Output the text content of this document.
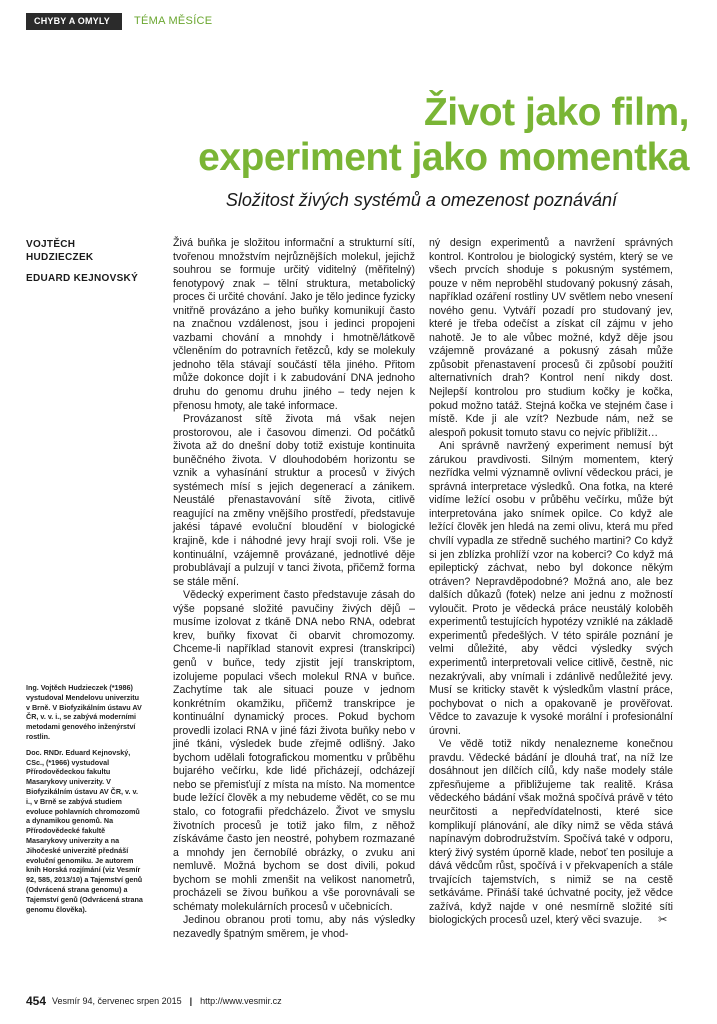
CHYBY A OMYLY	TÉMA MĚSÍCE
Život jako film,
experiment jako momentka
Složitost živých systémů a omezenost poznávání
VOJTĚCH HUDZIECZEK
EDUARD KEJNOVSKÝ

Ing. Vojtěch Hudzieczek (*1986) vystudoval Mendelovu univerzitu v Brně. V Biofyzikálním ústavu AV ČR, v. v. i., se zabývá moderními metodami genového inženýrství rostlin.

Doc. RNDr. Eduard Kejnovský, CSc., (*1966) vystudoval Přírodovědeckou fakultu Masarykovy univerzity. V Biofyzikálním ústavu AV ČR, v. v. i., v Brně se zabývá studiem evoluce pohlavních chromozomů a dynamikou genomů. Na Přírodovědecké fakultě Masarykovy univerzity a na Jihočeské univerzitě přednáší evoluční genomiku. Je autorem knih Horská rozjímání (viz Vesmír 92, 585, 2013/10) a Tajemství genů (Odvrácená strana genomu) a Tajemství genů (Odvrácená strana genomu člověka).

Živá buňka je složitou informační a strukturní sítí, tvořenou množstvím nejrůznějších molekul, jejichž souhrou se formuje určitý viditelný (měřitelný) fenotypový znak – tělní struktura, metabolický proces či určité chování. Jako je tělo jedince fyzicky vnitřně provázáno a jeho buňky komunikují často na značnou vzdálenost, jsou i jedinci propojeni vazbami chování a mnohdy i hmotně/látkově včleněním do potravních řetězců, kdy se molekuly jednoho těla stávají součástí těla jiného. Přitom může dokonce dojít i k zabudování DNA jednoho druhu do genomu druhu jiného – tedy nejen k přenosu hmoty, ale také informace.

Provázanost sítě života má však nejen prostorovou, ale i časovou dimenzi. Od počátků života až do dnešní doby totiž existuje kontinuita buněčného života. V dlouhodobém horizontu se vznik a vyhasínání struktur a procesů v živých systémech mísí s jejich degenerací a zánikem. Neustálé přenastavování sítě života, citlivě reagující na změny vnějšího prostředí, představuje jakési tápavé evoluční bloudění v biologické krajině, kde i náhodné jevy hrají svoji roli. Vše je kontinuální, vzájemně provázané, jednotlivé děje probublávají a pulzují v tanci života, přičemž forma se stále mění.

Vědecký experiment často představuje zásah do výše popsané složité pavučiny živých dějů – musíme izolovat z tkáně DNA nebo RNA, odebrat krev, buňky fixovat či obarvit chromozomy. Chceme-li například stanovit expresi (transkripci) genů v buňce, tedy zjistit její transkriptom, izolujeme populaci všech molekul RNA v buňce. Zachytíme tak ale situaci pouze v jednom konkrétním okamžiku, přičemž transkripce je kontinuální dynamický proces. Pokud bychom provedli izolaci RNA v jiné fázi života buňky nebo v jiné tkáni, výsledek bude zřejmě odlišný. Jako bychom udělali fotografickou momentku v průběhu bujarého večírku, kde lidé přicházejí, odcházejí nebo se přemisťují z místa na místo. Na momentce bude ležící člověk a my nebudeme vědět, co se mu stalo, co fotografii předcházelo. Život ve smyslu životních procesů je totiž jako film, z něhož získáváme často jen neostré, pohybem rozmazané a mnohdy jen černobílé obrázky, o zvuku ani nemluvě. Možná bychom se dost divili, pokud bychom se mohli zmenšit na velikost nanometrů, procházeli se živou buňkou a vše porovnávali se schématy molekulárních procesů v učebnicích.

Jedinou obranou proti tomu, aby nás výsledky nezavedly špatným směrem, je vhod-

ný design experimentů a navržení správných kontrol. Kontrolou je biologický systém, který se ve všech prvcích shoduje s pokusným systémem, pouze v něm neproběhl studovaný pokusný zásah, například ozáření rostliny UV světlem nebo vnesení nového genu. Vytváří pozadí pro studovaný jev, které je třeba odečíst a získat cíl zájmu v jeho nahotě. Je to ale vůbec možné, když děje jsou vzájemně provázané a pokusný zásah může způsobit přenastavení procesů či způsobí použití alternativních drah? Kontrol není nikdy dost. Nejlepší kontrolou pro studium kočky je kočka, pokud možno tatáž. Stejná kočka ve stejném čase i místě. Kde ji ale vzít? Nezbude nám, než se alespoň pokusit tomuto stavu co nejvíc přiblížit…

Ani správně navržený experiment nemusí být zárukou pravdivosti. Silným momentem, který nezřídka velmi významně ovlivní vědeckou práci, je správná interpretace výsledků. Ona fotka, na které vidíme ležící osobu v průběhu večírku, může být interpretována jako snímek opilce. Co když ale ležící člověk jen hledá na zemi olivu, která mu před chvílí vypadla ze středně suchého martini? Co když si jen zblízka prohlíží vzor na koberci? Co když má epileptický záchvat, nebo byl dokonce někým otráven? Nepravděpodobné? Možná ano, ale bez dalších důkazů (fotek) nelze ani jednu z možností vyloučit. Proto je vědecká práce neustálý koloběh experimentů testujících hypotézy vzniklé na základě experimentů předešlých. V této spirále poznání je velmi důležité, aby vědci výsledky svých experimentů interpretovali velice citlivě, čestně, nic nezakrývali, aby vnímali i zdánlivě nedůležité jevy. Musí se kriticky stavět k výsledkům vlastní práce, pochybovat o nich a opakovaně je prověřovat. Vědce to zavazuje k vysoké morální i profesionální úrovni.

Ve vědě totiž nikdy nenalezneme konečnou pravdu. Vědecké bádání je dlouhá trať, na níž lze dosáhnout jen dílčích cílů, kdy naše modely stále zpřesňujeme a přibližujeme tak realitě. Krása vědeckého bádání však možná spočívá právě v této neurčitosti a nepředvídatelnosti, které sice komplikují plánování, ale díky nimž se věda stává napínavým dobrodružstvím. Spočívá také v odporu, který živý systém úporně klade, neboť ten posiluje a dává vědcům růst, spočívá i v překvapeních a stále trvajících tajemstvích, s nimiž se na cestě setkáváme. Přináší také úchvatné pocity, jež vědce zažívá, když najde v oné nesmírně složité síti biologických procesů uzel, který věci svazuje. ✂

454 Vesmír 94, červenec srpen 2015 | http://www.vesmir.cz
